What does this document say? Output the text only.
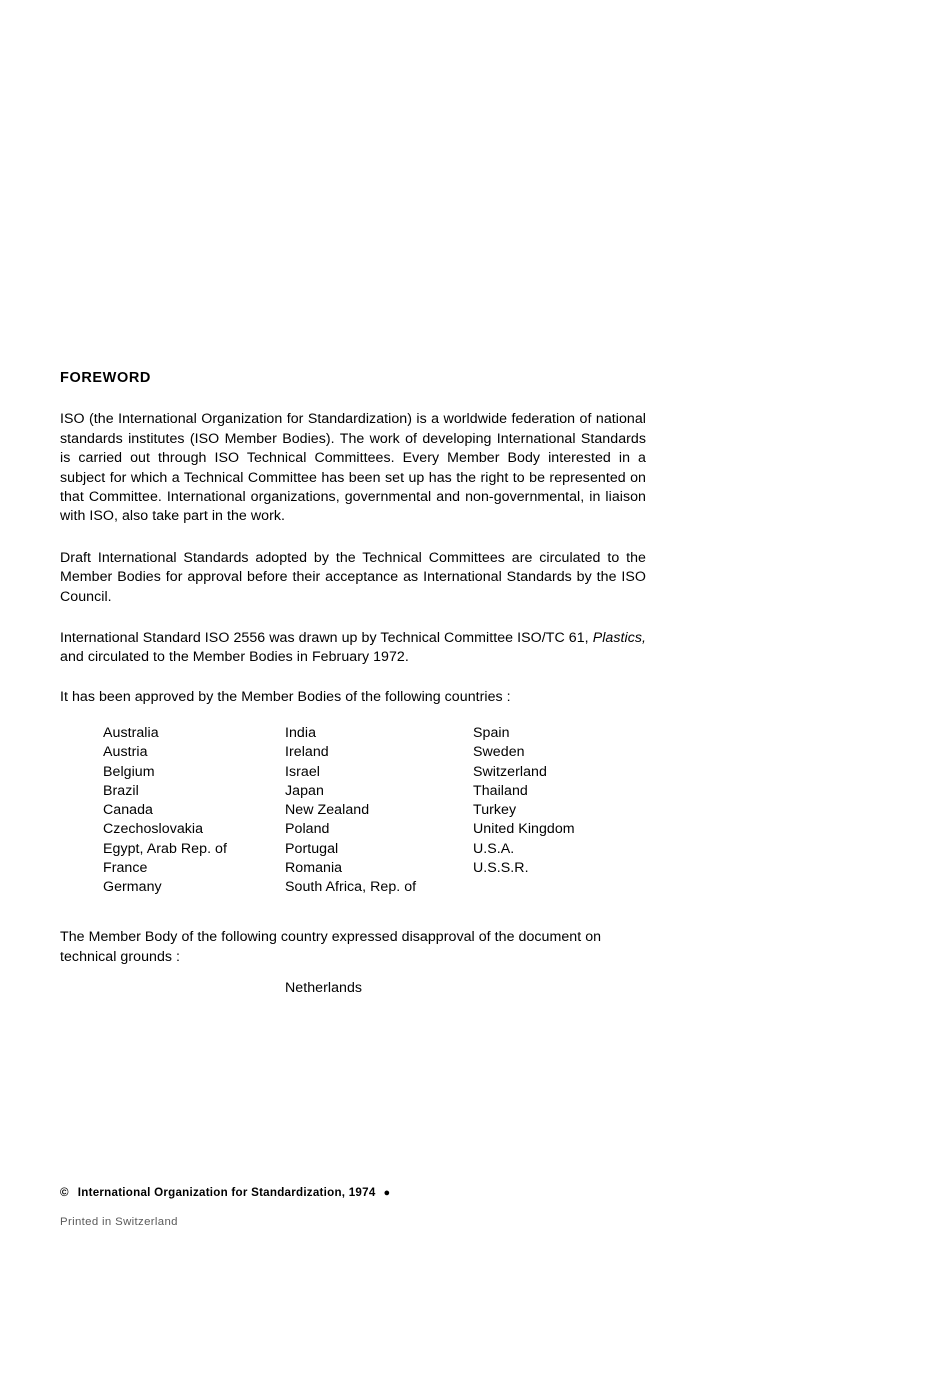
FOREWORD

ISO (the International Organization for Standardization) is a worldwide federation of national standards institutes (ISO Member Bodies). The work of developing International Standards is carried out through ISO Technical Committees. Every Member Body interested in a subject for which a Technical Committee has been set up has the right to be represented on that Committee. International organizations, governmental and non-governmental, in liaison with ISO, also take part in the work.

Draft International Standards adopted by the Technical Committees are circulated to the Member Bodies for approval before their acceptance as International Standards by the ISO Council.

International Standard ISO 2556 was drawn up by Technical Committee ISO/TC 61, Plastics, and circulated to the Member Bodies in February 1972.

It has been approved by the Member Bodies of the following countries :

Australia
Austria
Belgium
Brazil
Canada
Czechoslovakia
Egypt, Arab Rep. of
France
Germany
India
Ireland
Israel
Japan
New Zealand
Poland
Portugal
Romania
South Africa, Rep. of
Spain
Sweden
Switzerland
Thailand
Turkey
United Kingdom
U.S.A.
U.S.S.R.

The Member Body of the following country expressed disapproval of the document on technical grounds :

Netherlands
© International Organization for Standardization, 1974 ●
Printed in Switzerland
